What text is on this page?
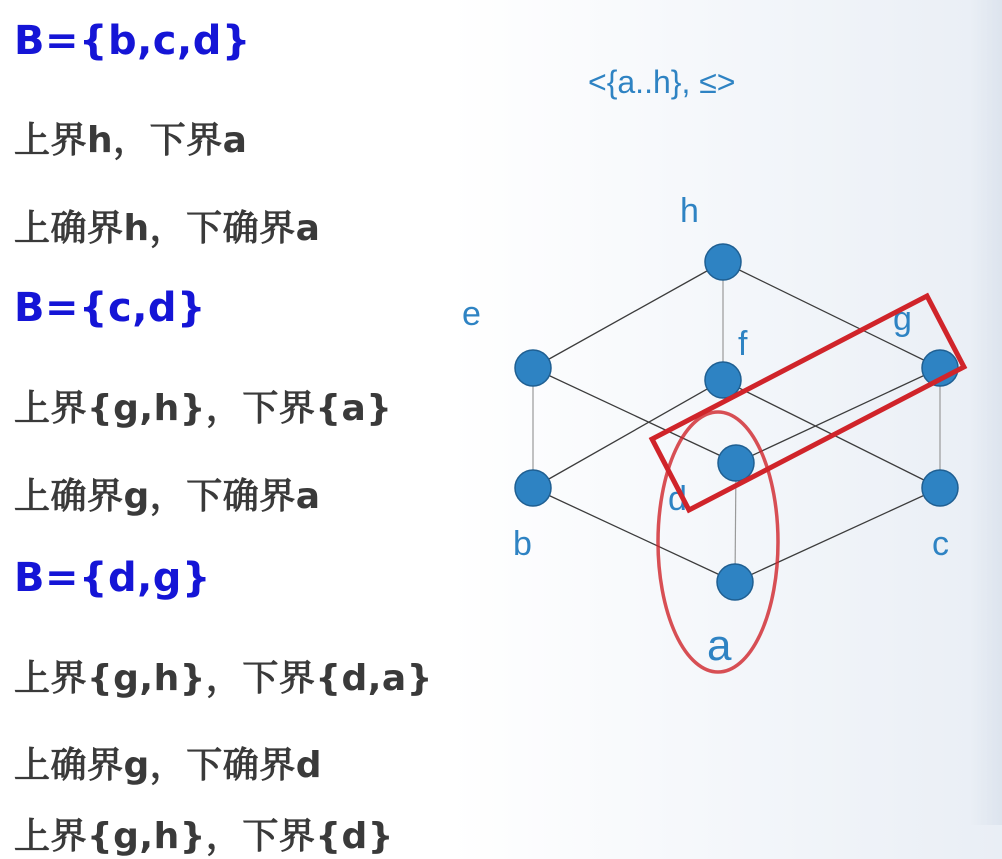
B={b,c,d}
上界h，下界a
上确界h，下确界a
B={c,d}
上界{g,h}，下界{a}
上确界g，下确界a
B={d,g}
上界{g,h}，下界{d,a}
上确界g，下确界d
上界{g,h}，下界{d}
<{a..h}, ≤>
h
e
f
g
b
d
c
a
